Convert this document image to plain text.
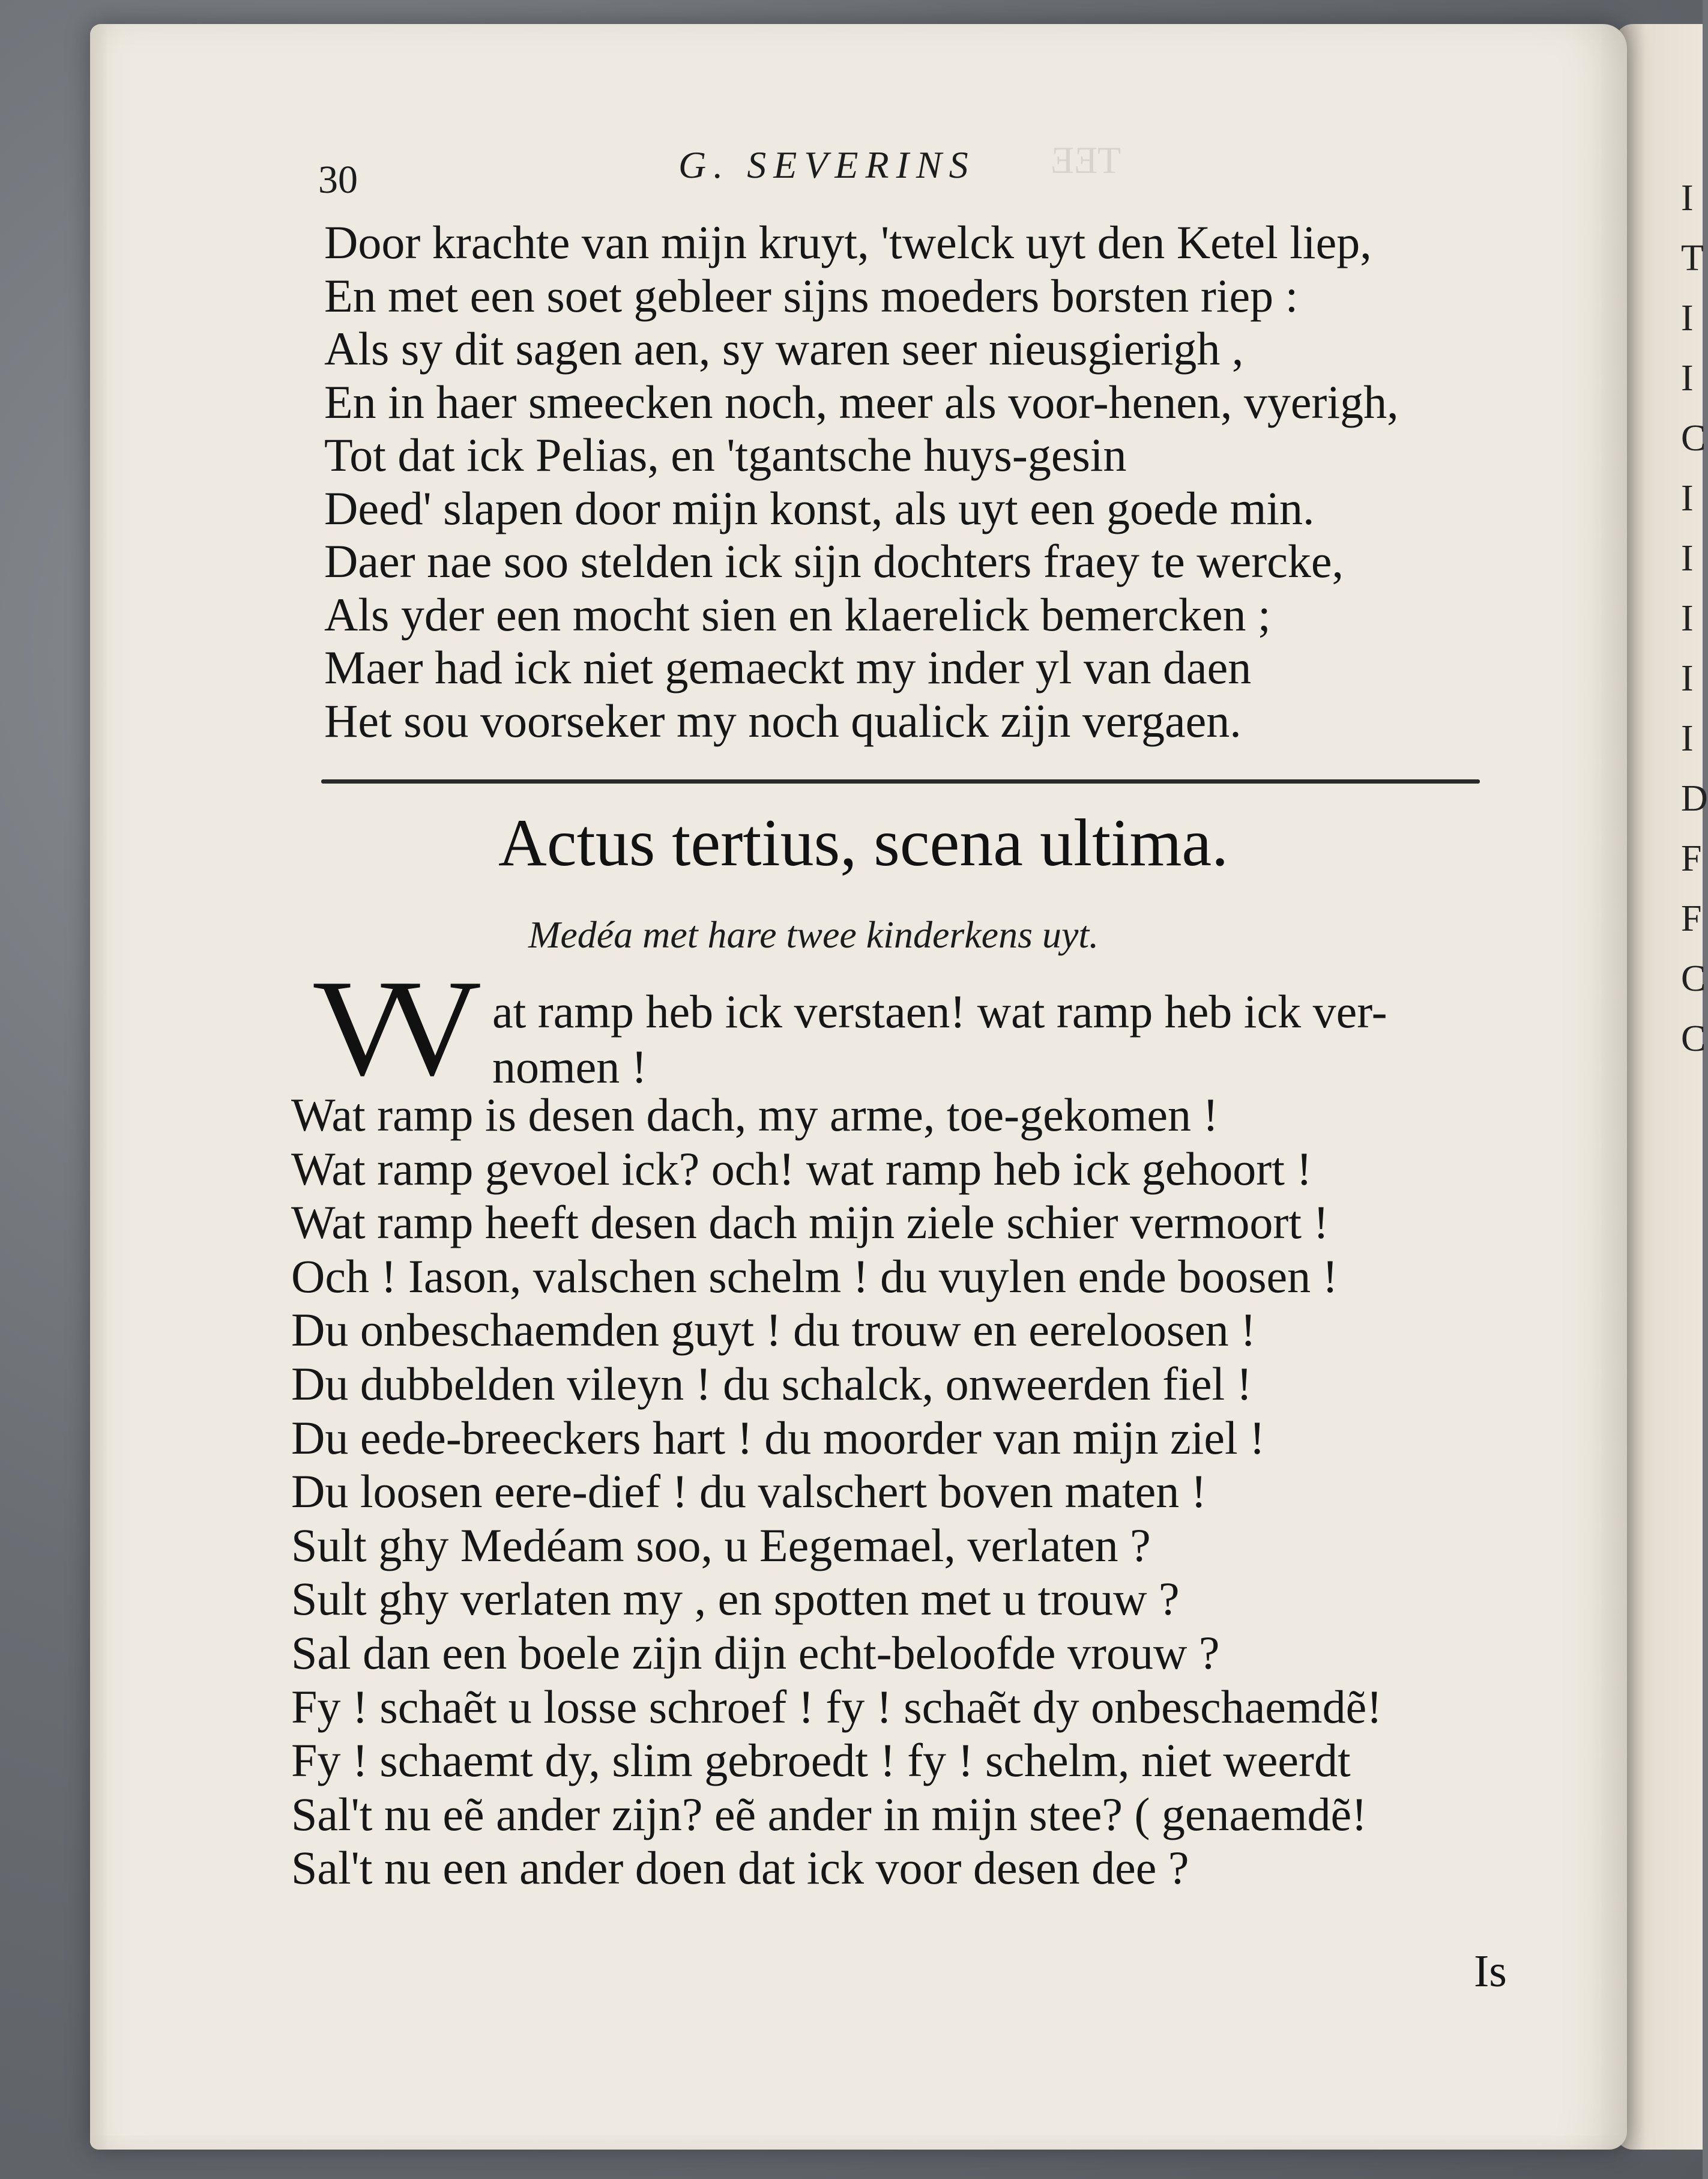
I
T
I
I
C
I
I
I
I
I
D
F
F
C
C
TEE
30	G. SEVERINS
Door krachte van mijn kruyt, 'twelck uyt den Ketel liep,
En met een soet gebleer sijns moeders borsten riep :
Als sy dit sagen aen, sy waren seer nieusgierigh ,
En in haer smeecken noch, meer als voor-henen, vyerigh,
Tot dat ick Pelias, en 'tgantsche huys-gesin
Deed' slapen door mijn konst, als uyt een goede min.
Daer nae soo stelden ick sijn dochters fraey te wercke,
Als yder een mocht sien en klaerelick bemercken ;
Maer had ick niet gemaeckt my inder yl van daen
Het sou voorseker my noch qualick zijn vergaen.
Actus tertius, scena ultima.
Medéa met hare twee kinderkens uyt.
VV at ramp heb ick verstaen! wat ramp heb ick ver-
nomen !
Wat ramp is desen dach, my arme, toe-gekomen !
Wat ramp gevoel ick? och! wat ramp heb ick gehoort !
Wat ramp heeft desen dach mijn ziele schier vermoort !
Och ! Iason, valschen schelm ! du vuylen ende boosen !
Du onbeschaemden guyt ! du trouw en eereloosen !
Du dubbelden vileyn ! du schalck, onweerden fiel !
Du eede-breeckers hart ! du moorder van mijn ziel !
Du loosen eere-dief ! du valschert boven maten !
Sult ghy Medéam soo, u Eegemael, verlaten ?
Sult ghy verlaten my , en spotten met u trouw ?
Sal dan een boele zijn dijn echt-beloofde vrouw ?
Fy ! schaẽt u losse schroef ! fy ! schaẽt dy onbeschaemdẽ!
Fy ! schaemt dy, slim gebroedt ! fy ! schelm, niet weerdt
Sal't nu eẽ ander zijn? eẽ ander in mijn stee? ( genaemdẽ!
Sal't nu een ander doen dat ick voor desen dee ?
Is
